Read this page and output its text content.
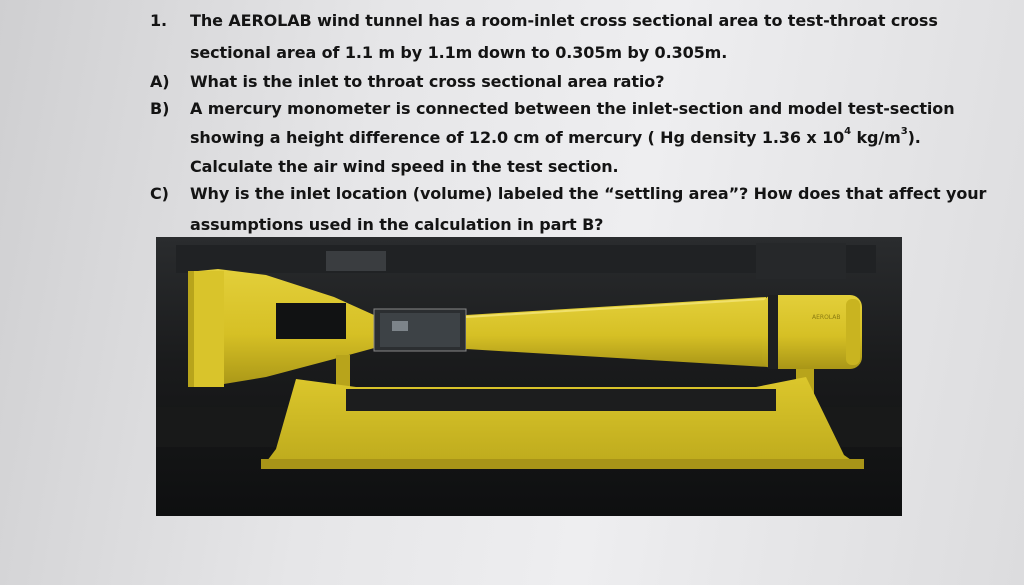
1.	The AEROLAB wind tunnel has a room-inlet cross sectional area to test-throat cross
sectional area of 1.1 m by 1.1m down to 0.305m by 0.305m.
A)	What is the inlet to throat cross sectional area ratio?
B)	A mercury monometer is connected between the inlet-section and model test-section
showing a height difference of 12.0 cm of mercury ( Hg density 1.36 x $10^4$ $kg/m^3$).
Calculate the air wind speed in the test section.
C)	Why is the inlet location (volume) labeled the “settling area”? How does that affect your
assumptions used in the calculation in part B?
AEROLAB
